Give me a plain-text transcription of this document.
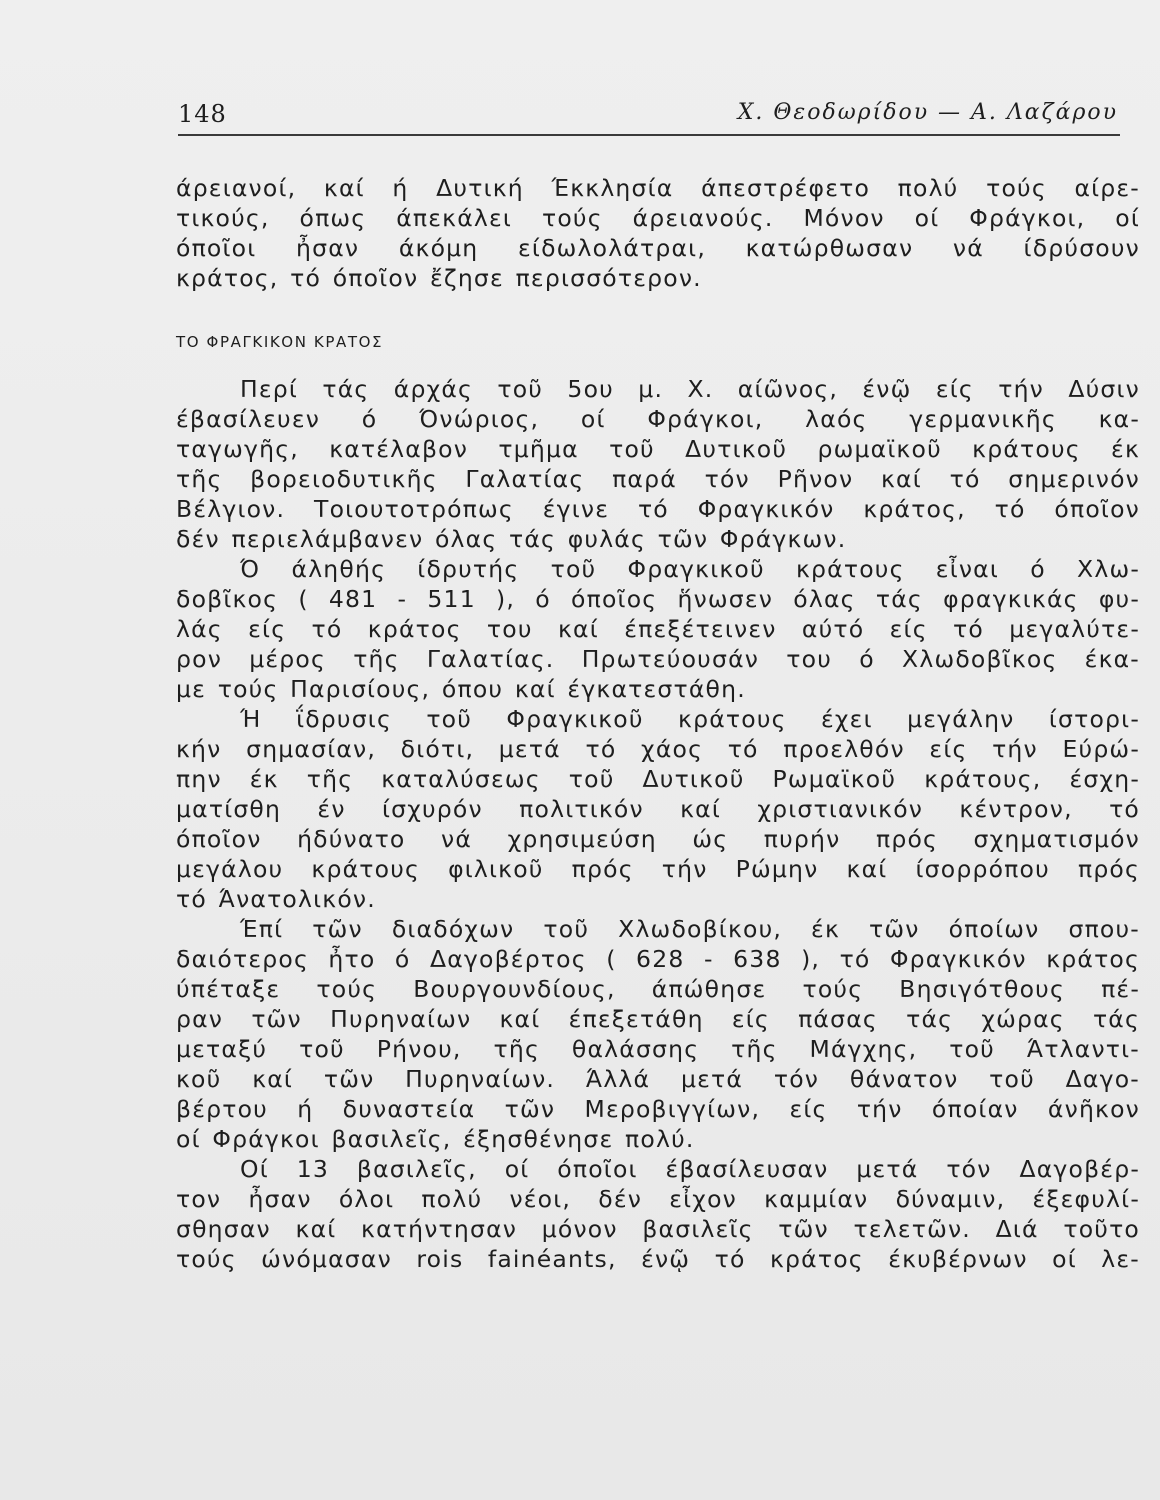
148	Χ. Θεοδωρίδου — Α. Λαζάρου
άρειανοί, καί ή Δυτική Έκκλησία άπεστρέφετο πολύ τούς αίρε-
τικούς, όπως άπεκάλει τούς άρειανούς. Μόνον οί Φράγκοι, οί
όποῖοι ἦσαν άκόμη είδωλολάτραι, κατώρθωσαν νά ίδρύσουν
κράτος, τό όποῖον ἔζησε περισσότερον.
ΤΟ ΦΡΑΓΚΙΚΟΝ ΚΡΑΤΟΣ
Περί τάς άρχάς τοῦ 5ου μ. Χ. αίῶνος, ένῷ είς τήν Δύσιν
έβασίλευεν ό Όνώριος, οί Φράγκοι, λαός γερμανικῆς κα-
ταγωγῆς, κατέλαβον τμῆμα τοῦ Δυτικοῦ ρωμαϊκοῦ κράτους έκ
τῆς βορειοδυτικῆς Γαλατίας παρά τόν Ρῆνον καί τό σημερινόν
Βέλγιον. Τοιουτοτρόπως έγινε τό Φραγκικόν κράτος, τό όποῖον
δέν περιελάμβανεν όλας τάς φυλάς τῶν Φράγκων.
Ό άληθής ίδρυτής τοῦ Φραγκικοῦ κράτους εἶναι ό Χλω-
δοβῖκος ( 481 - 511 ), ό όποῖος ἥνωσεν όλας τάς φραγκικάς φυ-
λάς είς τό κράτος του καί έπεξέτεινεν αύτό είς τό μεγαλύτε-
ρον μέρος τῆς Γαλατίας. Πρωτεύουσάν του ό Χλωδοβῖκος έκα-
με τούς Παρισίους, όπου καί έγκατεστάθη.
Ή ΐδρυσις τοῦ Φραγκικοῦ κράτους έχει μεγάλην ίστορι-
κήν σημασίαν, διότι, μετά τό χάος τό προελθόν είς τήν Εύρώ-
πην έκ τῆς καταλύσεως τοῦ Δυτικοῦ Ρωμαϊκοῦ κράτους, έσχη-
ματίσθη έν ίσχυρόν πολιτικόν καί χριστιανικόν κέντρον, τό
όποῖον ήδύνατο νά χρησιμεύση ώς πυρήν πρός σχηματισμόν
μεγάλου κράτους φιλικοῦ πρός τήν Ρώμην καί ίσορρόπου πρός
τό Άνατολικόν.
Έπί τῶν διαδόχων τοῦ Χλωδοβίκου, έκ τῶν όποίων σπου-
δαιότερος ἦτο ό Δαγοβέρτος ( 628 - 638 ), τό Φραγκικόν κράτος
ύπέταξε τούς Βουργουνδίους, άπώθησε τούς Βησιγότθους πέ-
ραν τῶν Πυρηναίων καί έπεξετάθη είς πάσας τάς χώρας τάς
μεταξύ τοῦ Ρήνου, τῆς θαλάσσης τῆς Μάγχης, τοῦ Άτλαντι-
κοῦ καί τῶν Πυρηναίων. Άλλά μετά τόν θάνατον τοῦ Δαγο-
βέρτου ή δυναστεία τῶν Μεροβιγγίων, είς τήν όποίαν άνῆκον
οί Φράγκοι βασιλεῖς, έξησθένησε πολύ.
Οί 13 βασιλεῖς, οί όποῖοι έβασίλευσαν μετά τόν Δαγοβέρ-
τον ἦσαν όλοι πολύ νέοι, δέν εἶχον καμμίαν δύναμιν, έξεφυλί-
σθησαν καί κατήντησαν μόνον βασιλεῖς τῶν τελετῶν. Διά τοῦτο
τούς ώνόμασαν rois fainéants, ένῷ τό κράτος έκυβέρνων οί λε-
